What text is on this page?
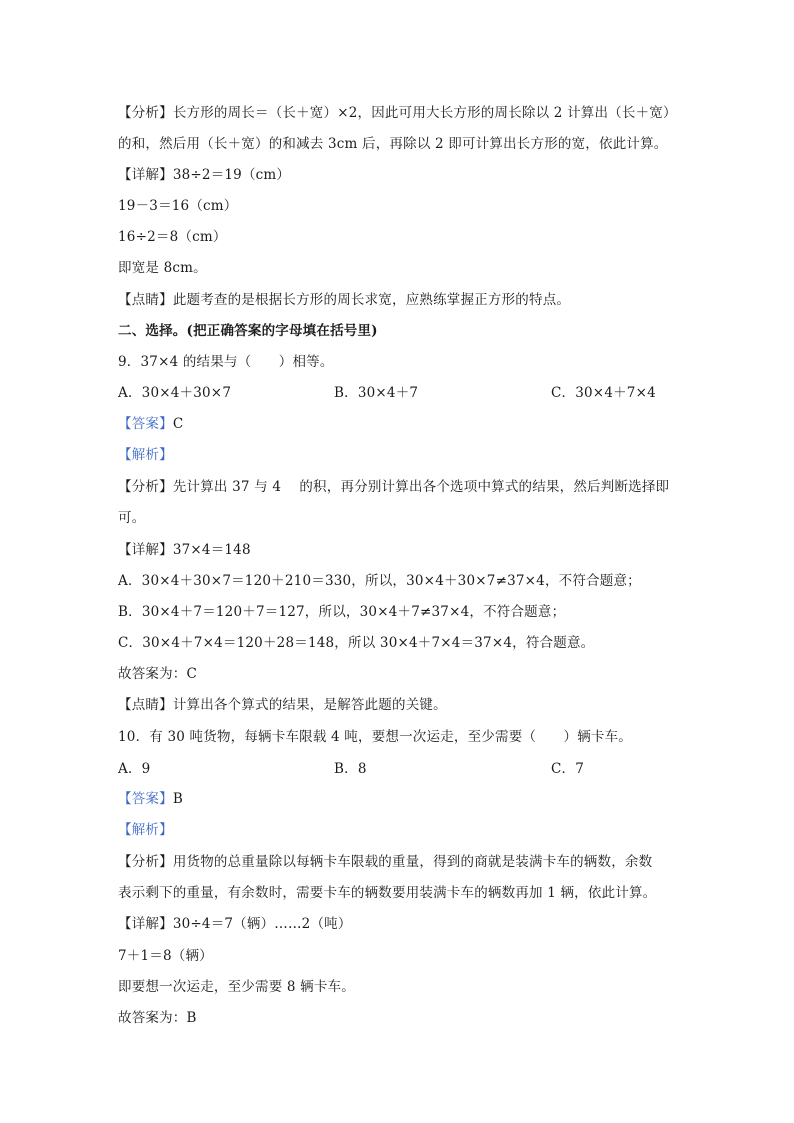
【分析】长方形的周长＝（长＋宽）×2，因此可用大长方形的周长除以 2 计算出（长＋宽）
的和，然后用（长＋宽）的和减去 3cm 后，再除以 2 即可计算出长方形的宽，依此计算。
【详解】38÷2＝19（cm）
19－3＝16（cm）
16÷2＝8（cm）
即宽是 8cm。
【点睛】此题考查的是根据长方形的周长求宽，应熟练掌握正方形的特点。
二、选择。(把正确答案的字母填在括号里)
9．37×4 的结果与（　　）相等。
A．30×4＋30×7	B．30×4＋7	C．30×4＋7×4
【答案】C
【解析】
【分析】先计算出 37 与 4　 的积，再分别计算出各个选项中算式的结果，然后判断选择即
可。
【详解】37×4＝148
A．30×4＋30×7＝120＋210＝330，所以，30×4＋30×7≠37×4，不符合题意；
B．30×4＋7＝120＋7＝127，所以，30×4＋7≠37×4，不符合题意；
C．30×4＋7×4＝120＋28＝148，所以 30×4＋7×4＝37×4，符合题意。
故答案为：C
【点睛】计算出各个算式的结果，是解答此题的关键。
10．有 30 吨货物，每辆卡车限载 4 吨，要想一次运走，至少需要（　　）辆卡车。
A．9	B．8	C．7
【答案】B
【解析】
【分析】用货物的总重量除以每辆卡车限载的重量，得到的商就是装满卡车的辆数，余数
表示剩下的重量，有余数时，需要卡车的辆数要用装满卡车的辆数再加 1 辆，依此计算。
【详解】30÷4＝7（辆）……2（吨）
7＋1＝8（辆）
即要想一次运走，至少需要 8 辆卡车。
故答案为：B
